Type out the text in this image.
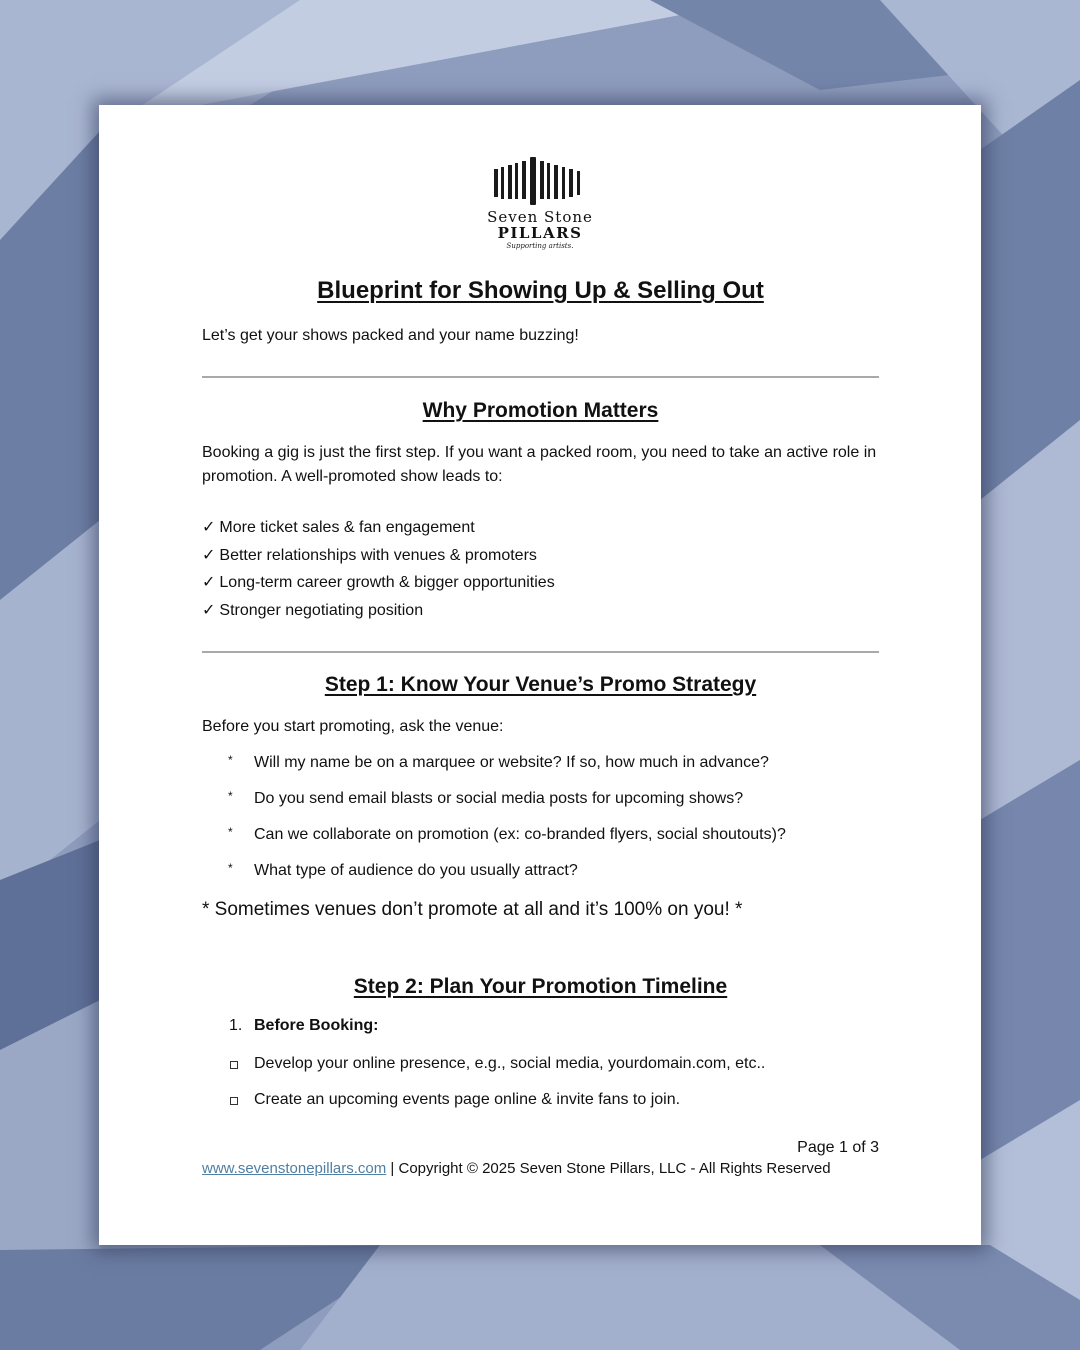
Seven Stone
PILLARS
Supporting artists.
Blueprint for Showing Up & Selling Out

Let’s get your shows packed and your name buzzing!

Why Promotion Matters

Booking a gig is just the first step. If you want a packed room, you need to take an active role in promotion. A well-promoted show leads to:

✓ More ticket sales & fan engagement
✓ Better relationships with venues & promoters
✓ Long-term career growth & bigger opportunities
✓ Stronger negotiating position
Step 1: Know Your Venue’s Promo Strategy

Before you start promoting, ask the venue:

* Will my name be on a marquee or website? If so, how much in advance?
* Do you send email blasts or social media posts for upcoming shows?
* Can we collaborate on promotion (ex: co-branded flyers, social shoutouts)?
* What type of audience do you usually attract?

* Sometimes venues don’t promote at all and it’s 100% on you! *

Step 2: Plan Your Promotion Timeline
1. Before Booking:
Develop your online presence, e.g., social media, yourdomain.com, etc..
Create an upcoming events page online & invite fans to join.
Page 1 of 3
www.sevenstonepillars.com | Copyright © 2025 Seven Stone Pillars, LLC - All Rights Reserved
